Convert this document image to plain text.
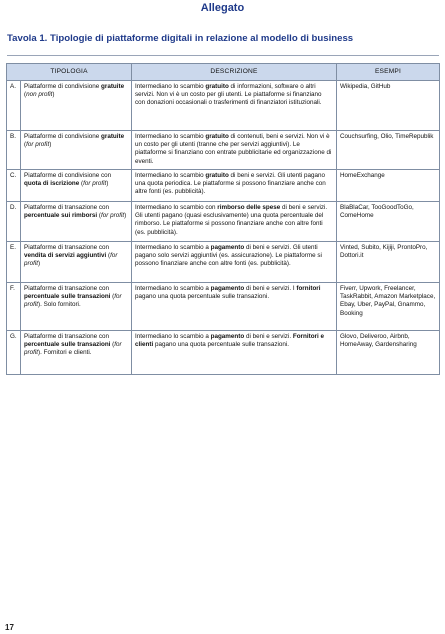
Allegato
Tavola 1. Tipologie di piattaforme digitali in relazione al modello di business
TIPOLOGIA		DESCRIZIONE	ESEMPI
A.	Piattaforme di condivisione gratuite (non profit)	Intermediano lo scambio gratuito di informazioni, software o altri servizi. Non vi è un costo per gli utenti. Le piattaforme si finanziano con donazioni occasionali o trasferimenti di finanziatori istituzionali.	Wikipedia, GitHub
B.	Piattaforme di condivisione gratuite (for profit)	Intermediano lo scambio gratuito di contenuti, beni e servizi. Non vi è un costo per gli utenti (tranne che per servizi aggiuntivi). Le piattaforme si finanziano con entrate pubblicitarie ed organizzazione di eventi.	Couchsurfing, Olio, TimeRepublik
C.	Piattaforme di condivisione con quota di iscrizione (for profit)	Intermediano lo scambio gratuito di beni e servizi. Gli utenti pagano una quota periodica. Le piattaforme si possono finanziare anche con altre fonti (es. pubblicità).	HomeExchange
D.	Piattaforme di transazione con percentuale sui rimborsi (for profit)	Intermediano lo scambio con rimborso delle spese di beni e servizi. Gli utenti pagano (quasi esclusivamente) una quota percentuale del rimborso. Le piattaforme si possono finanziare anche con altre fonti (es. pubblicità).	BlaBlaCar, TooGoodToGo, ComeHome
E.	Piattaforme di transazione con vendita di servizi aggiuntivi (for profit)	Intermediano lo scambio a pagamento di beni e servizi. Gli utenti pagano solo servizi aggiuntivi (es. assicurazione). Le piattaforme si possono finanziare anche con altre fonti (es. pubblicità).	Vinted, Subito, Kijiji, ProntoPro, Dottori.it
F.	Piattaforme di transazione con percentuale sulle transazioni (for profit). Solo fornitori.	Intermediano lo scambio a pagamento di beni e servizi. I fornitori pagano una quota percentuale sulle transazioni.	Fiverr, Upwork, Freelancer, TaskRabbit, Amazon Marketplace, Ebay, Uber, PayPal, Gnammo, Booking
G.	Piattaforme di transazione con percentuale sulle transazioni (for profit). Fornitori e clienti.	Intermediano lo scambio a pagamento di beni e servizi. Fornitori e clienti pagano una quota percentuale sulle transazioni.	Glovo, Deliveroo, Airbnb, HomeAway, Gardensharing
17
